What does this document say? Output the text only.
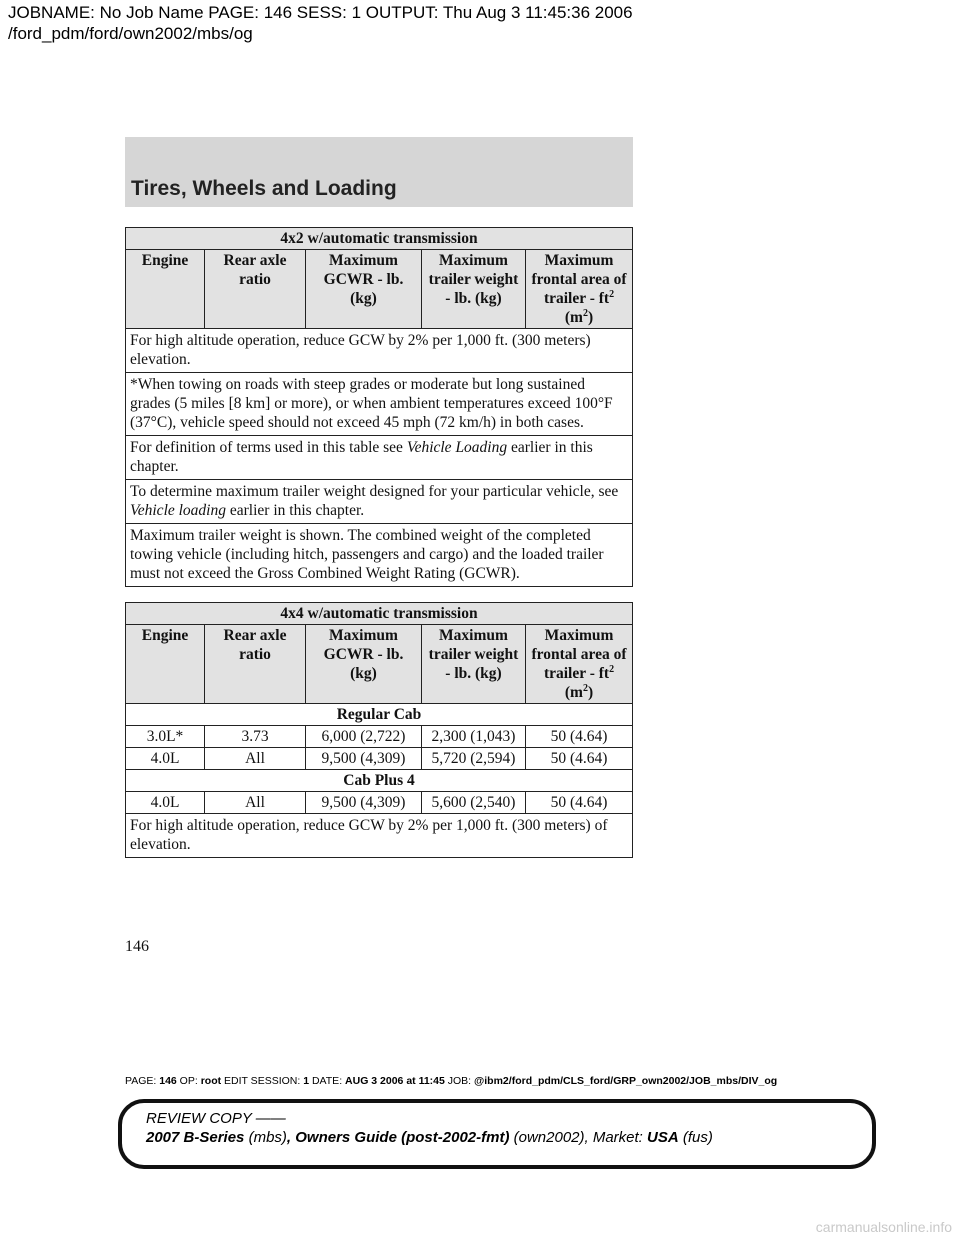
JOBNAME: No Job Name PAGE: 146 SESS: 1 OUTPUT: Thu Aug 3 11:45:36 2006
/ford_pdm/ford/own2002/mbs/og
Tires, Wheels and Loading
4x2 w/automatic transmission
Engine	Rear axle ratio	Maximum GCWR - lb. (kg)	Maximum trailer weight - lb. (kg)	Maximum frontal area of trailer - $ft^2$ $(m^2)$
For high altitude operation, reduce GCW by 2% per 1,000 ft. (300 meters) elevation.
*When towing on roads with steep grades or moderate but long sustained grades (5 miles [8 km] or more), or when ambient temperatures exceed 100°F (37°C), vehicle speed should not exceed 45 mph (72 km/h) in both cases.
For definition of terms used in this table see Vehicle Loading earlier in this chapter.
To determine maximum trailer weight designed for your particular vehicle, see Vehicle loading earlier in this chapter.
Maximum trailer weight is shown. The combined weight of the completed towing vehicle (including hitch, passengers and cargo) and the loaded trailer must not exceed the Gross Combined Weight Rating (GCWR).
4x4 w/automatic transmission				
Engine	Rear axle ratio	Maximum GCWR - lb. (kg)	Maximum trailer weight - lb. (kg)	Maximum frontal area of trailer - $ft^2$ $(m^2)$
Regular Cab				
3.0L*	3.73	6,000 (2,722)	2,300 (1,043)	50 (4.64)
4.0L	All	9,500 (4,309)	5,720 (2,594)	50 (4.64)
Cab Plus 4				
4.0L	All	9,500 (4,309)	5,600 (2,540)	50 (4.64)
For high altitude operation, reduce GCW by 2% per 1,000 ft. (300 meters) of elevation.				
146
PAGE: 146 OP: root EDIT SESSION: 1 DATE: AUG 3 2006 at 11:45 JOB: @ibm2/ford_pdm/CLS_ford/GRP_own2002/JOB_mbs/DIV_og
REVIEW COPY ——
2007 B-Series (mbs), Owners Guide (post-2002-fmt) (own2002), Market: USA (fus)
carmanualsonline.info
